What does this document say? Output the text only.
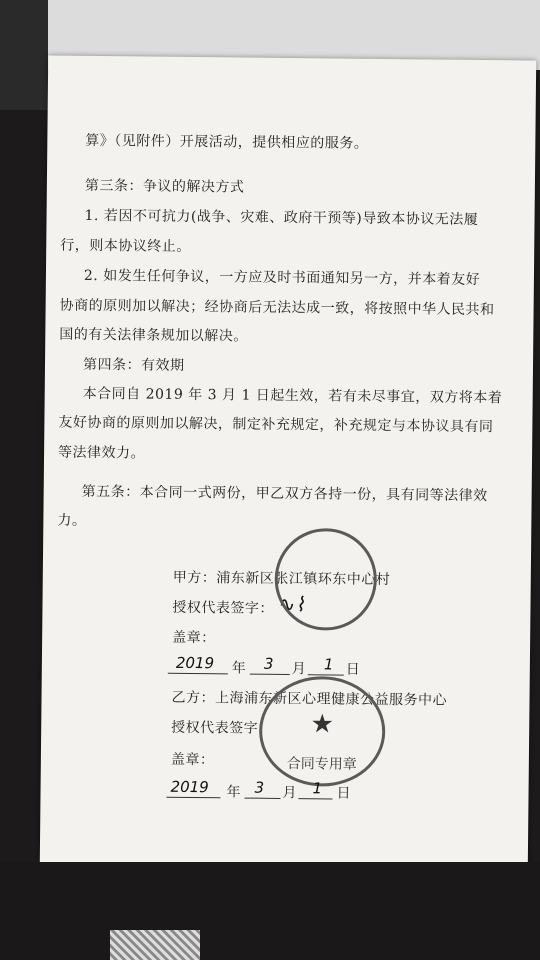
算》（见附件）开展活动，提供相应的服务。
第三条：争议的解决方式
1. 若因不可抗力(战争、灾难、政府干预等)导致本协议无法履
行，则本协议终止。
2. 如发生任何争议，一方应及时书面通知另一方，并本着友好
协商的原则加以解决；经协商后无法达成一致，将按照中华人民共和
国的有关法律条规加以解决。
第四条：有效期
本合同自 2019 年 3 月 1 日起生效，若有未尽事宜，双方将本着
友好协商的原则加以解决，制定补充规定，补充规定与本协议具有同
等法律效力。
第五条：本合同一式两份，甲乙双方各持一份，具有同等法律效
力。
甲方：浦东新区张江镇环东中心村
授权代表签字： ∿⌇
盖章：
2019 年 3 月 1 日
乙方：上海浦东新区心理健康公益服务中心
授权代表签字：
盖章：
★
合同专用章
2019 年 3 月 1 日
